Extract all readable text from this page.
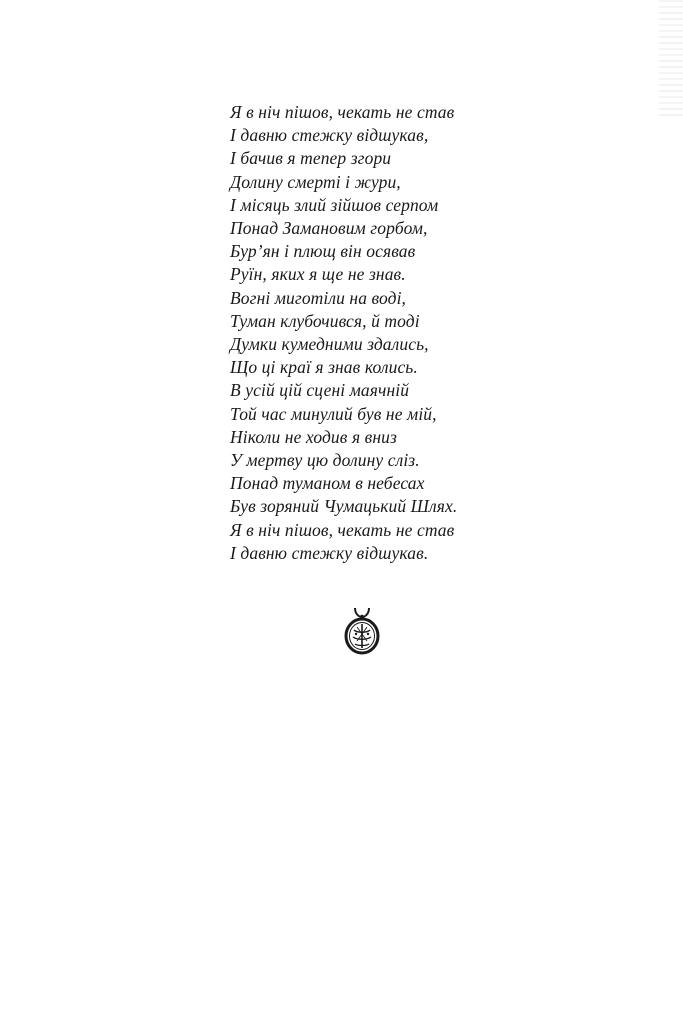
Я в ніч пішов, чекать не став
І давню стежку відшукав,
І бачив я тепер згори
Долину смерті і жури,
І місяць злий зійшов серпом
Понад Замановим горбом,
Бур’ян і плющ він осявав
Руїн, яких я ще не знав.
Вогні миготіли на воді,
Туман клубочився, й тоді
Думки кумедними здались,
Що ці краї я знав колись.
В усій цій сцені маячній
Той час минулий був не мій,
Ніколи не ходив я вниз
У мертву цю долину сліз.
Понад туманом в небесах
Був зоряний Чумацький Шлях.
Я в ніч пішов, чекать не став
І давню стежку відшукав.
